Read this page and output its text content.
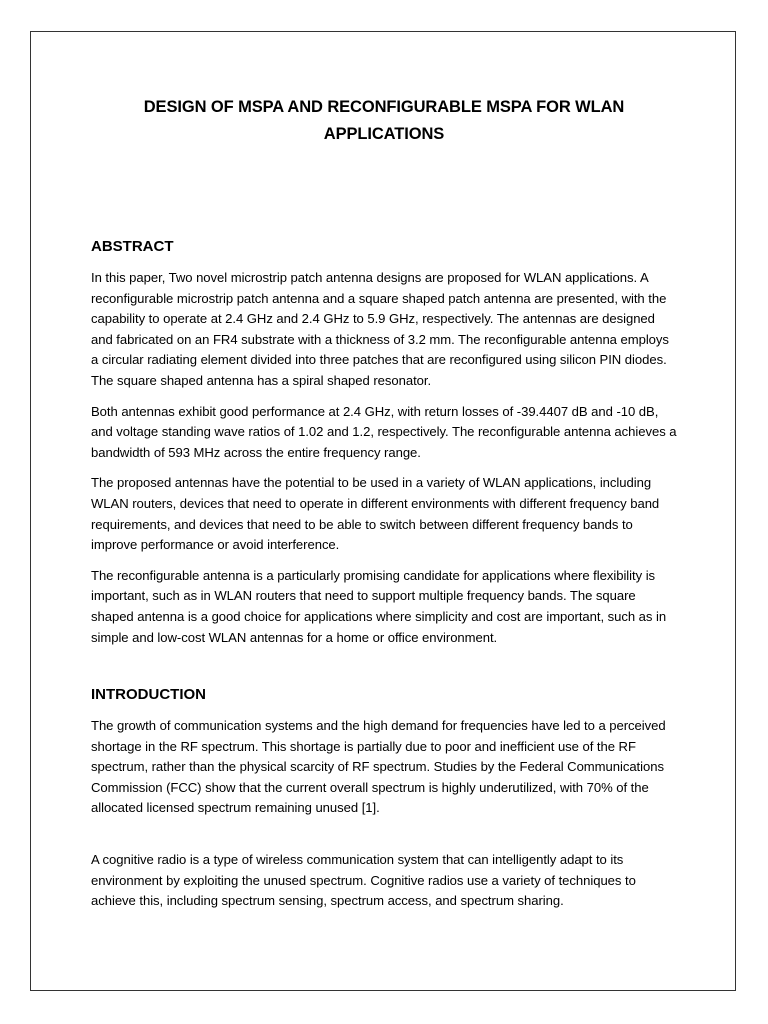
DESIGN OF MSPA AND RECONFIGURABLE MSPA FOR WLAN APPLICATIONS
ABSTRACT

In this paper, Two novel microstrip patch antenna designs are proposed for WLAN applications. A reconfigurable microstrip patch antenna and a square shaped patch antenna are presented, with the capability to operate at 2.4 GHz and 2.4 GHz to 5.9 GHz, respectively. The antennas are designed and fabricated on an FR4 substrate with a thickness of 3.2 mm. The reconfigurable antenna employs a circular radiating element divided into three patches that are reconfigured using silicon PIN diodes. The square shaped antenna has a spiral shaped resonator.

Both antennas exhibit good performance at 2.4 GHz, with return losses of -39.4407 dB and -10 dB, and voltage standing wave ratios of 1.02 and 1.2, respectively. The reconfigurable antenna achieves a bandwidth of 593 MHz across the entire frequency range.

The proposed antennas have the potential to be used in a variety of WLAN applications, including WLAN routers, devices that need to operate in different environments with different frequency band requirements, and devices that need to be able to switch between different frequency bands to improve performance or avoid interference.

The reconfigurable antenna is a particularly promising candidate for applications where flexibility is important, such as in WLAN routers that need to support multiple frequency bands. The square shaped antenna is a good choice for applications where simplicity and cost are important, such as in simple and low-cost WLAN antennas for a home or office environment.

INTRODUCTION

The growth of communication systems and the high demand for frequencies have led to a perceived shortage in the RF spectrum. This shortage is partially due to poor and inefficient use of the RF spectrum, rather than the physical scarcity of RF spectrum. Studies by the Federal Communications Commission (FCC) show that the current overall spectrum is highly underutilized, with 70% of the allocated licensed spectrum remaining unused [1].

A cognitive radio is a type of wireless communication system that can intelligently adapt to its environment by exploiting the unused spectrum. Cognitive radios use a variety of techniques to achieve this, including spectrum sensing, spectrum access, and spectrum sharing.
